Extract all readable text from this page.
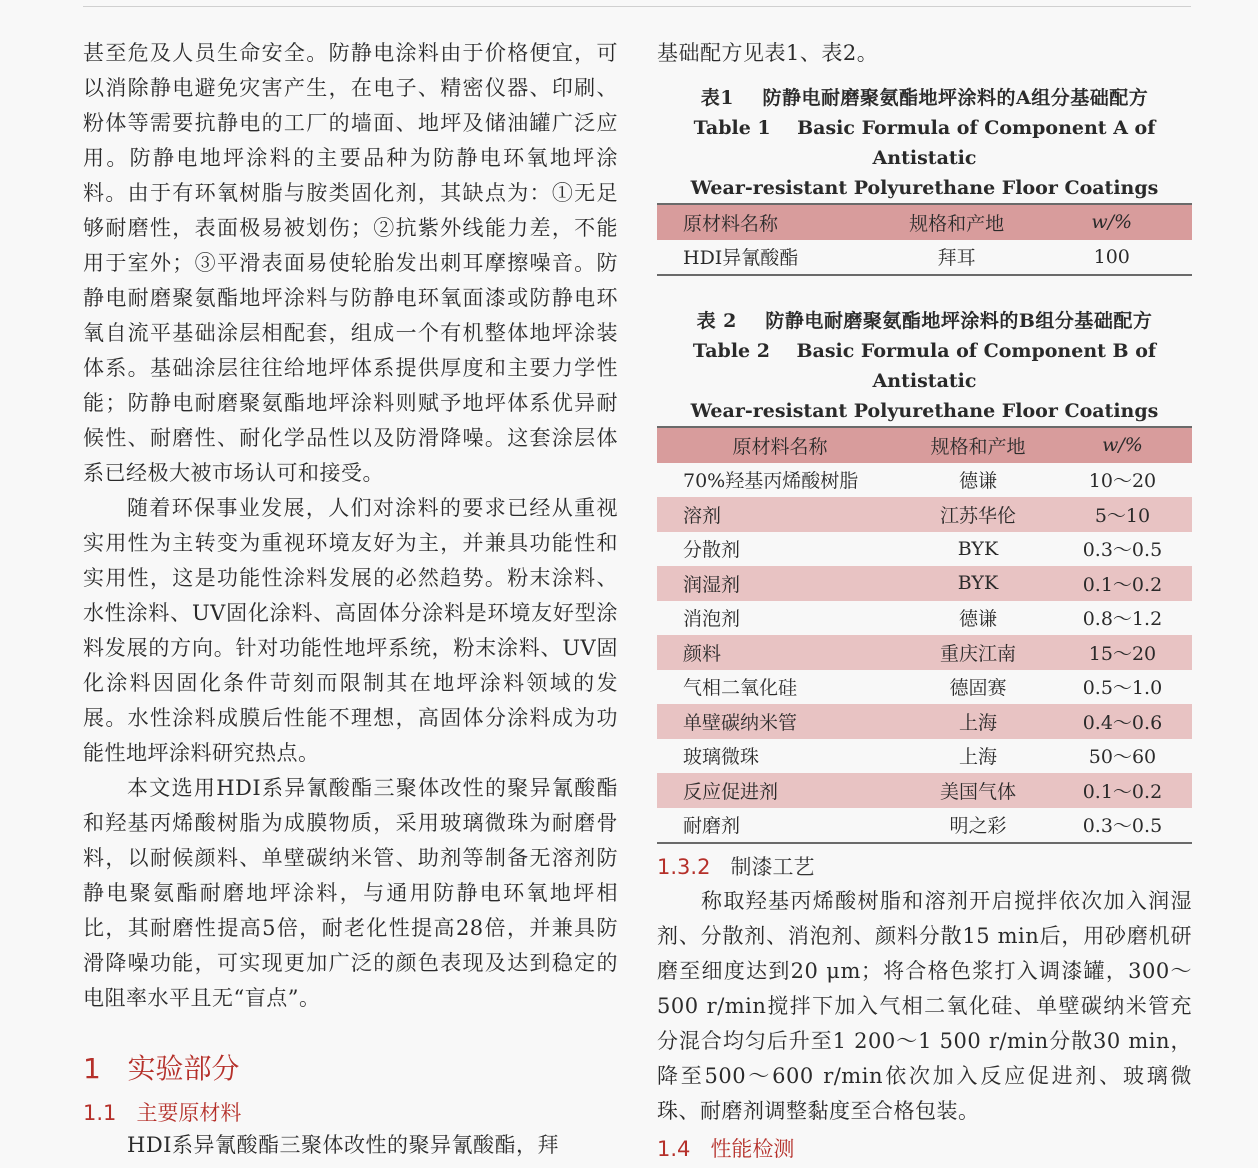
甚至危及人员生命安全。防静电涂料由于价格便宜，可以消除静电避免灾害产生，在电子、精密仪器、印刷、粉体等需要抗静电的工厂的墙面、地坪及储油罐广泛应用。防静电地坪涂料的主要品种为防静电环氧地坪涂料。由于有环氧树脂与胺类固化剂，其缺点为：①无足够耐磨性，表面极易被划伤；②抗紫外线能力差，不能用于室外；③平滑表面易使轮胎发出刺耳摩擦噪音。防静电耐磨聚氨酯地坪涂料与防静电环氧面漆或防静电环氧自流平基础涂层相配套，组成一个有机整体地坪涂装体系。基础涂层往往给地坪体系提供厚度和主要力学性能；防静电耐磨聚氨酯地坪涂料则赋予地坪体系优异耐候性、耐磨性、耐化学品性以及防滑降噪。这套涂层体系已经极大被市场认可和接受。

随着环保事业发展，人们对涂料的要求已经从重视实用性为主转变为重视环境友好为主，并兼具功能性和实用性，这是功能性涂料发展的必然趋势。粉末涂料、水性涂料、UV固化涂料、高固体分涂料是环境友好型涂料发展的方向。针对功能性地坪系统，粉末涂料、UV固化涂料因固化条件苛刻而限制其在地坪涂料领域的发展。水性涂料成膜后性能不理想，高固体分涂料成为功能性地坪涂料研究热点。

本文选用HDI系异氰酸酯三聚体改性的聚异氰酸酯和羟基丙烯酸树脂为成膜物质，采用玻璃微珠为耐磨骨料，以耐候颜料、单壁碳纳米管、助剂等制备无溶剂防静电聚氨酯耐磨地坪涂料，与通用防静电环氧地坪相比，其耐磨性提高5倍，耐老化性提高28倍，并兼具防滑降噪功能，可实现更加广泛的颜色表现及达到稳定的电阻率水平且无“盲点”。

1 实验部分
1.1 主要原材料

HDI系异氰酸酯三聚体改性的聚异氰酸酯，拜

基础配方见表1、表2。

表1 防静电耐磨聚氨酯地坪涂料的A组分基础配方
Table 1 Basic Formula of Component A of Antistatic
Wear-resistant Polyurethane Floor Coatings
原材料名称	规格和产地	w/%
HDI异氰酸酯	拜耳	100
表 2 防静电耐磨聚氨酯地坪涂料的B组分基础配方
Table 2 Basic Formula of Component B of Antistatic
Wear-resistant Polyurethane Floor Coatings
原材料名称	规格和产地	w/%
70%羟基丙烯酸树脂	德谦	10～20
溶剂	江苏华伦	5～10
分散剂	BYK	0.3～0.5
润湿剂	BYK	0.1～0.2
消泡剂	德谦	0.8～1.2
颜料	重庆江南	15～20
气相二氧化硅	德固赛	0.5～1.0
单壁碳纳米管	上海	0.4～0.6
玻璃微珠	上海	50～60
反应促进剂	美国气体	0.1～0.2
耐磨剂	明之彩	0.3～0.5
1.3.2 制漆工艺

称取羟基丙烯酸树脂和溶剂开启搅拌依次加入润湿剂、分散剂、消泡剂、颜料分散15 min后，用砂磨机研磨至细度达到20 μm；将合格色浆打入调漆罐，300～500 r/min搅拌下加入气相二氧化硅、单壁碳纳米管充分混合均匀后升至1 200～1 500 r/min分散30 min，降至500～600 r/min依次加入反应促进剂、玻璃微珠、耐磨剂调整黏度至合格包装。

1.4 性能检测
